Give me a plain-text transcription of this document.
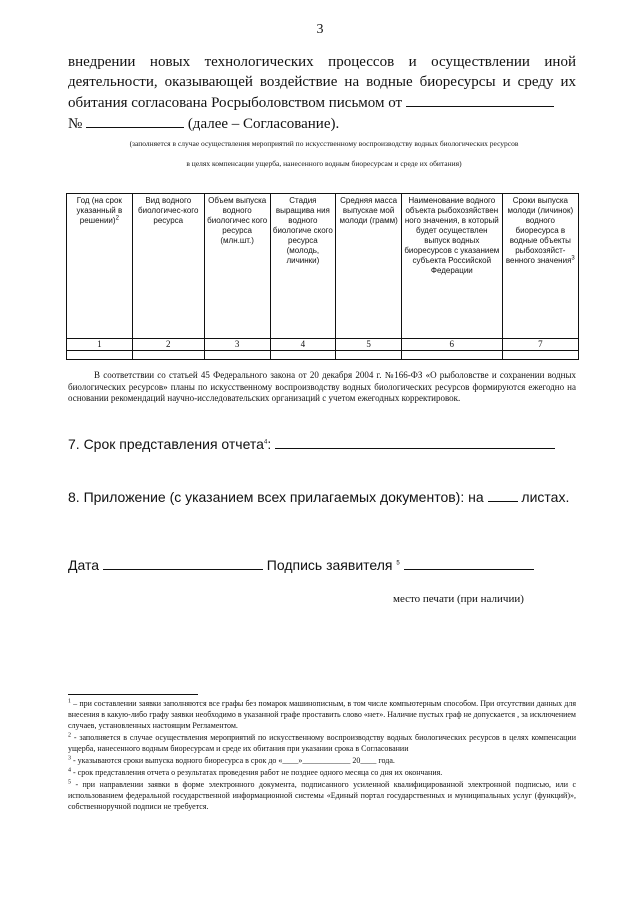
3
внедрении новых технологических процессов и осуществлении иной
деятельности, оказывающей воздействие на водные биоресурсы и среду их
обитания согласована Росрыболовством письмом от
№	(далее – Согласование).
(заполняется в случае осуществления мероприятий по искусственному воспроизводству водных биологических ресурсов
в целях компенсации ущерба, нанесенного водным биоресурсам и среде их обитания)
Год (на срок указанный в решении)$^2$	Вид водного биологичес-кого ресурса	Объем выпуска водного биологичес кого ресурса (млн.шт.)	Стадия выращива ния водного биологиче ского ресурса (молодь, личинки)	Средняя масса выпускае мой молоди (грамм)	Наименование водного объекта рыбохозяйствен ного значения, в который будет осуществлен выпуск водных биоресурсов с указанием субъекта Российской Федерации	Сроки выпуска молоди (личинок) водного биоресурса в водные объекты рыбохозяйст-венного значения$^3$
1	2	3	4	5	6	7

В соответствии со статьей 45 Федерального закона от 20 декабря 2004 г. №166-ФЗ «О рыболовстве и сохранении водных биологических ресурсов» планы по искусственному воспроизводству водных биологических ресурсов формируются ежегодно на основании рекомендаций научно-исследовательских организаций с учетом ежегодных корректировок.
7. Срок представления отчета$^4$:
8. Приложение (с указанием всех прилагаемых документов): на	листах.
Дата	Подпись заявителя $^5$
место печати (при наличии)
$^1$ – при составлении заявки заполняются все графы без помарок машинописным, в том числе компьютерным способом. При отсутствии данных для внесения в какую-либо графу заявки необходимо в указанной графе проставить слово «нет». Наличие пустых граф не допускается , за исключением случаев, установленных настоящим Регламентом.
$^2$ - заполняется в случае осуществления мероприятий по искусственному воспроизводству водных биологических ресурсов в целях компенсации ущерба, нанесенного водным биоресурсам и среде их обитания при указании срока в Согласовании
$^3$ - указываются сроки выпуска водного биоресурса в срок до «____»____________ 20____ года.
$^4$ - срок представления отчета о результатах проведения работ не позднее одного месяца со дня их окончания.
$^5$ - при направлении заявки в форме электронного документа, подписанного усиленной квалифицированной электронной подписью, или с использованием федеральной государственной информационной системы «Единый портал государственных и муниципальных услуг (функций)», собственноручной подписи не требуется.
